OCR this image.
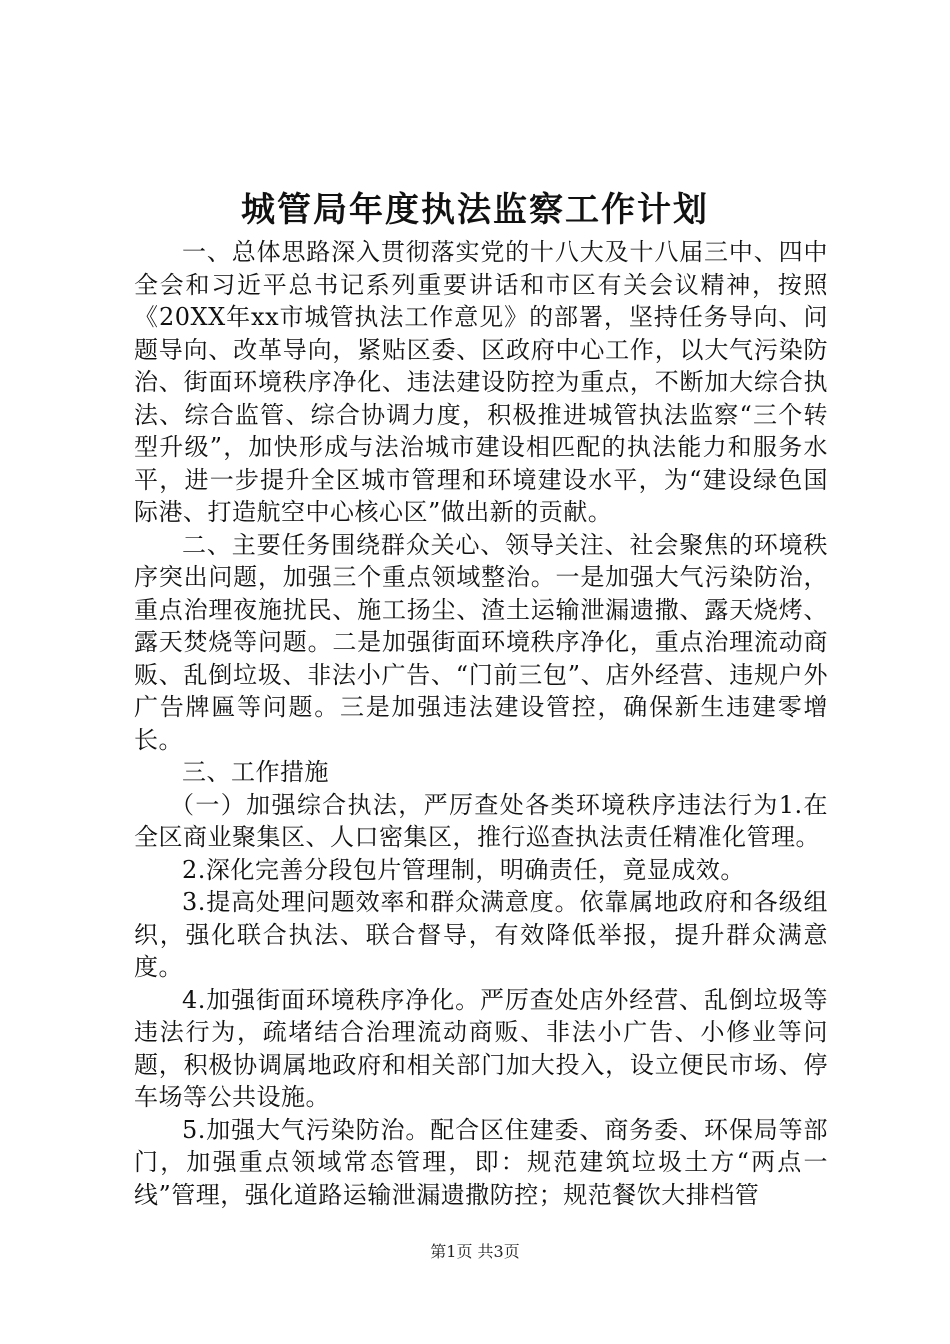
城管局年度执法监察工作计划

一、总体思路深入贯彻落实党的十八大及十八届三中、四中全会和习近平总书记系列重要讲话和市区有关会议精神，按照《20XX年xx市城管执法工作意见》的部署，坚持任务导向、问题导向、改革导向，紧贴区委、区政府中心工作，以大气污染防治、街面环境秩序净化、违法建设防控为重点，不断加大综合执法、综合监管、综合协调力度，积极推进城管执法监察“三个转型升级”，加快形成与法治城市建设相匹配的执法能力和服务水平，进一步提升全区城市管理和环境建设水平，为“建设绿色国际港、打造航空中心核心区”做出新的贡献。

二、主要任务围绕群众关心、领导关注、社会聚焦的环境秩序突出问题，加强三个重点领域整治。一是加强大气污染防治，重点治理夜施扰民、施工扬尘、渣土运输泄漏遗撒、露天烧烤、露天焚烧等问题。二是加强街面环境秩序净化，重点治理流动商贩、乱倒垃圾、非法小广告、“门前三包”、店外经营、违规户外广告牌匾等问题。三是加强违法建设管控，确保新生违建零增长。

三、工作措施

（一）加强综合执法，严厉查处各类环境秩序违法行为1.在全区商业聚集区、人口密集区，推行巡查执法责任精准化管理。

2.深化完善分段包片管理制，明确责任，竟显成效。

3.提高处理问题效率和群众满意度。依靠属地政府和各级组织，强化联合执法、联合督导，有效降低举报，提升群众满意度。

4.加强街面环境秩序净化。严厉查处店外经营、乱倒垃圾等违法行为，疏堵结合治理流动商贩、非法小广告、小修业等问题，积极协调属地政府和相关部门加大投入，设立便民市场、停车场等公共设施。

5.加强大气污染防治。配合区住建委、商务委、环保局等部门，加强重点领域常态管理，即：规范建筑垃圾土方“两点一线”管理，强化道路运输泄漏遗撒防控；规范餐饮大排档管

第1页 共3页
